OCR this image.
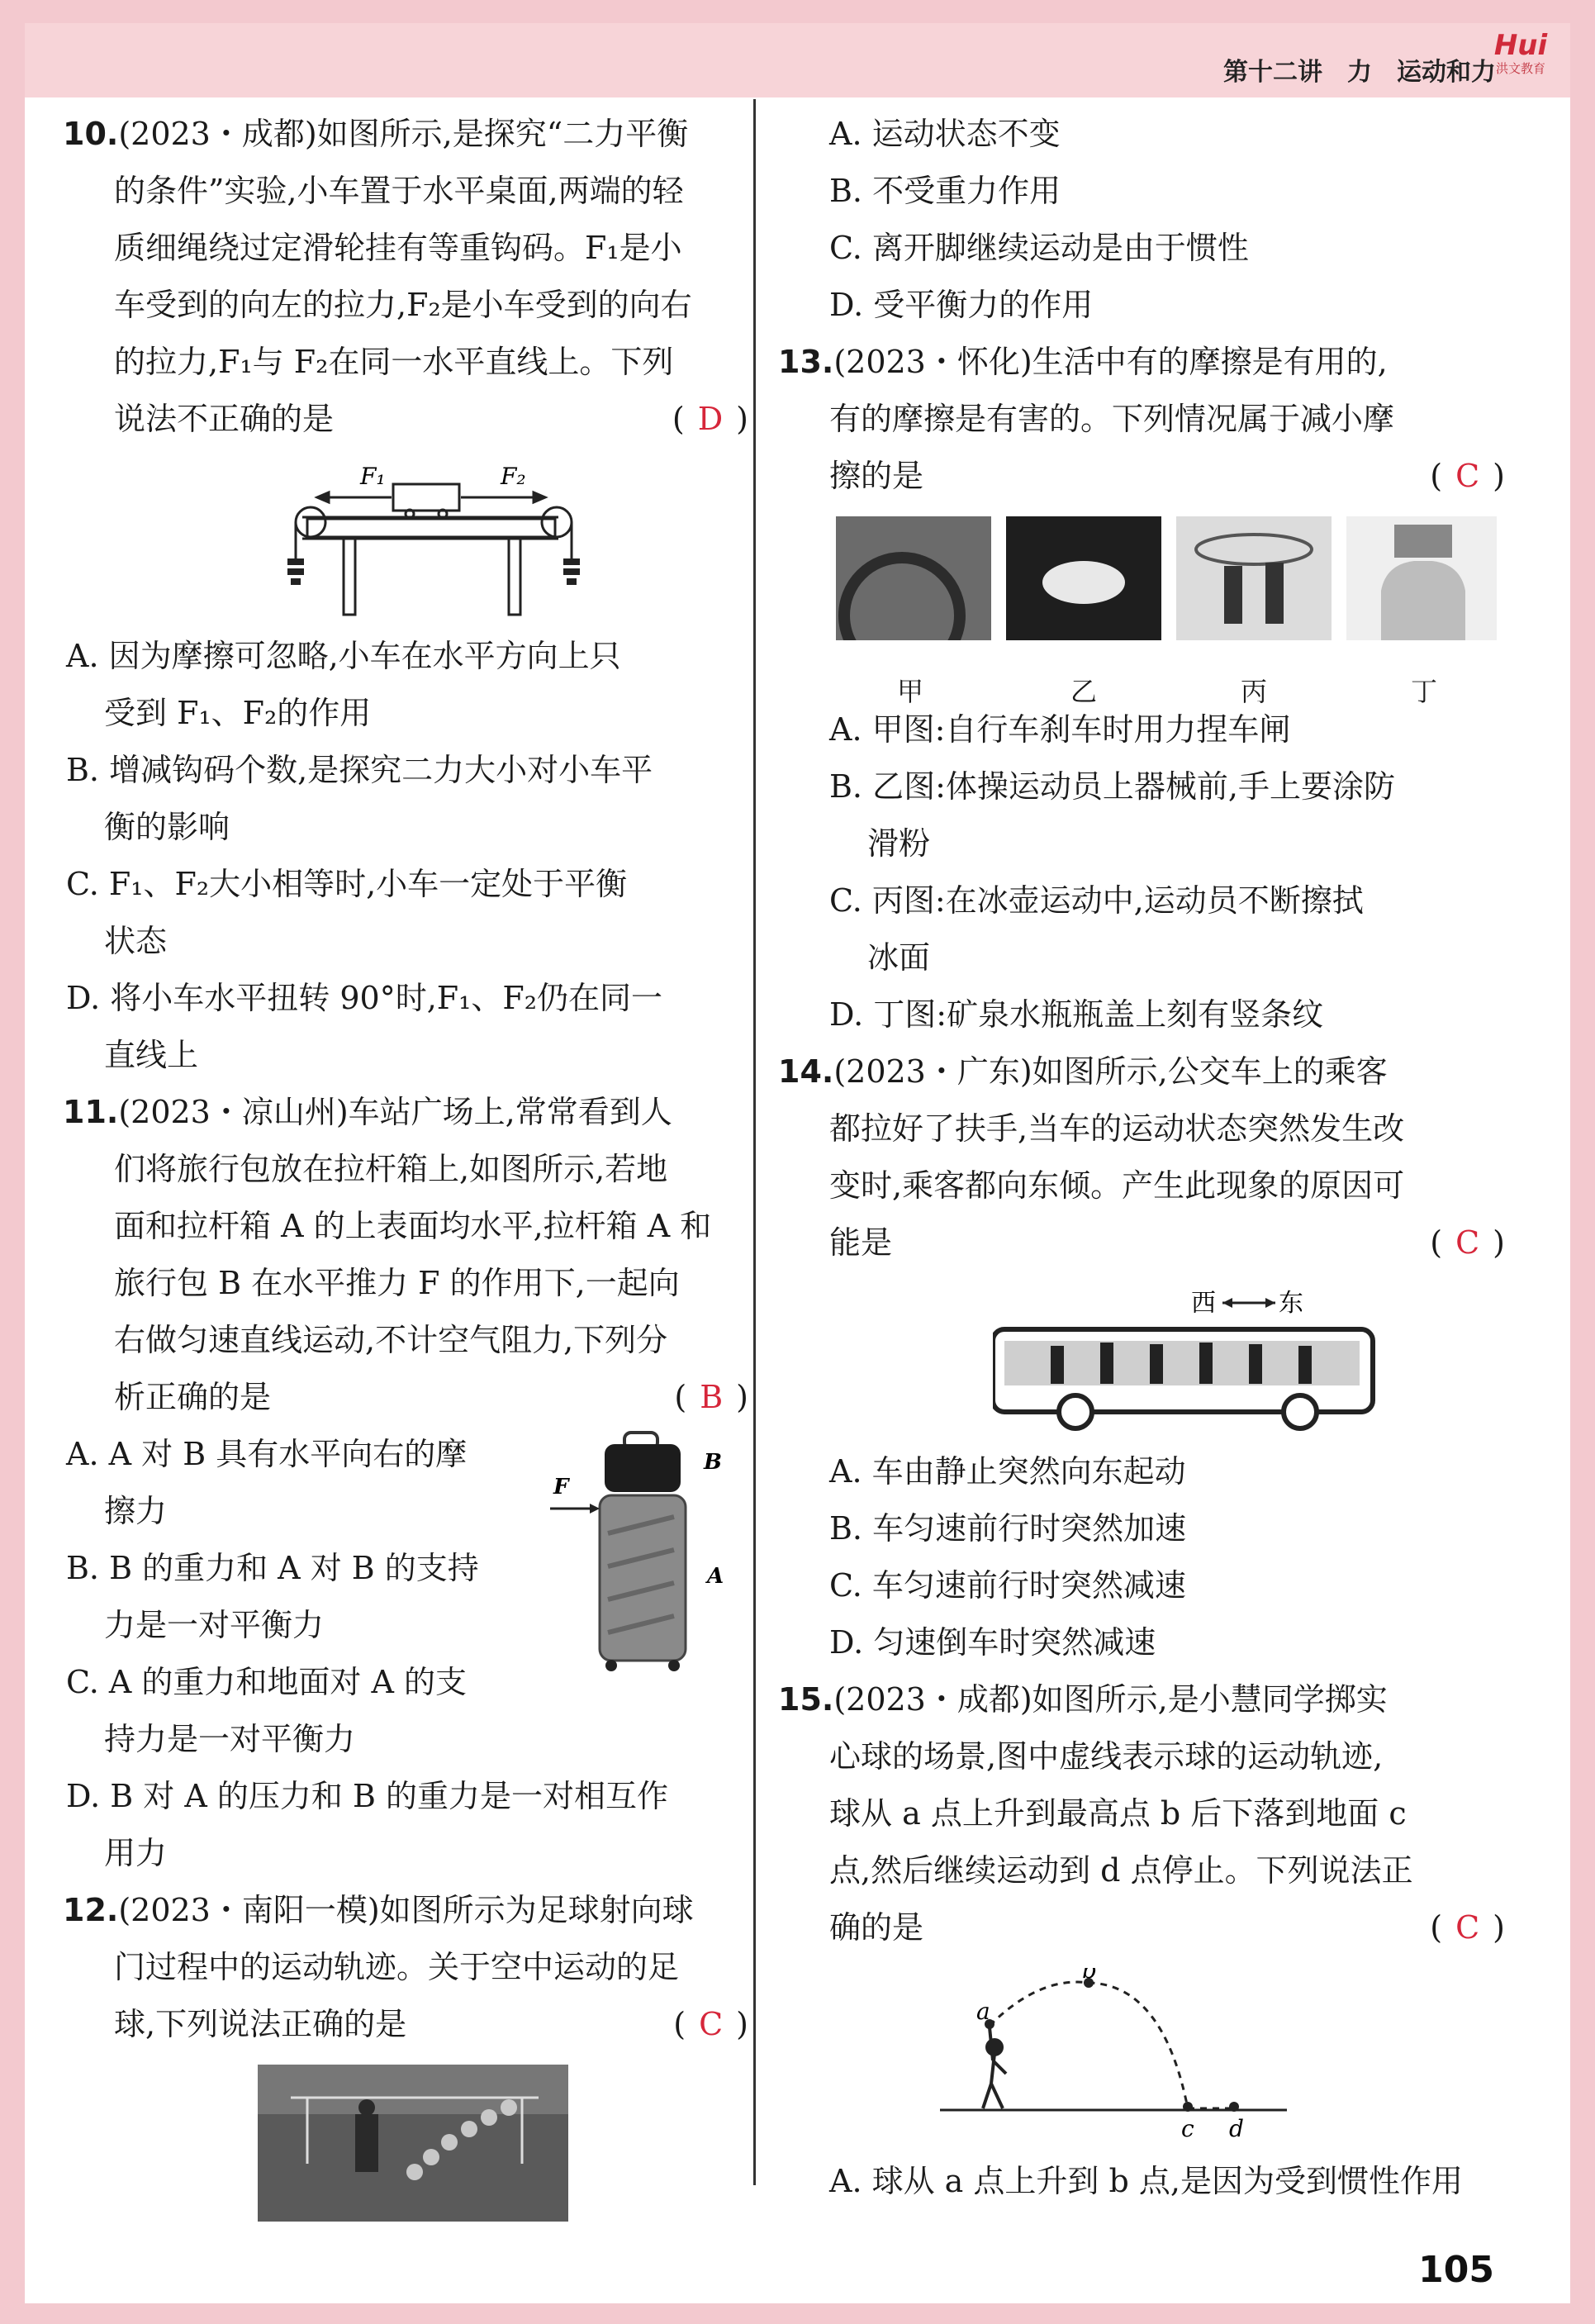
第十二讲 力 运动和力
Hui
洪文教育
10.(2023・成都)如图所示,是探究“二力平衡
的条件”实验,小车置于水平桌面,两端的轻
质细绳绕过定滑轮挂有等重钩码。F₁是小
车受到的向左的拉力,F₂是小车受到的向右
的拉力,F₁与 F₂在同一水平直线上。下列
说法不正确的是	( D )
F₁	F₂
A. 因为摩擦可忽略,小车在水平方向上只
受到 F₁、F₂的作用
B. 增减钩码个数,是探究二力大小对小车平
衡的影响
C. F₁、F₂大小相等时,小车一定处于平衡
状态
D. 将小车水平扭转 90°时,F₁、F₂仍在同一
直线上
11.(2023・凉山州)车站广场上,常常看到人
们将旅行包放在拉杆箱上,如图所示,若地
面和拉杆箱 A 的上表面均水平,拉杆箱 A 和
旅行包 B 在水平推力 F 的作用下,一起向
右做匀速直线运动,不计空气阻力,下列分
析正确的是	( B )
A. A 对 B 具有水平向右的摩
擦力
B. B 的重力和 A 对 B 的支持
力是一对平衡力
C. A 的重力和地面对 A 的支
持力是一对平衡力
D. B 对 A 的压力和 B 的重力是一对相互作
用力
F
B
A
12.(2023・南阳一模)如图所示为足球射向球
门过程中的运动轨迹。关于空中运动的足
球,下列说法正确的是	( C )
A. 运动状态不变
B. 不受重力作用
C. 离开脚继续运动是由于惯性
D. 受平衡力的作用
13.(2023・怀化)生活中有的摩擦是有用的,
有的摩擦是有害的。下列情况属于减小摩
擦的是	( C )
甲	乙	丙	丁
A. 甲图:自行车刹车时用力捏车闸
B. 乙图:体操运动员上器械前,手上要涂防
滑粉
C. 丙图:在冰壶运动中,运动员不断擦拭
冰面
D. 丁图:矿泉水瓶瓶盖上刻有竖条纹
14.(2023・广东)如图所示,公交车上的乘客
都拉好了扶手,当车的运动状态突然发生改
变时,乘客都向东倾。产生此现象的原因可
能是	( C )
西	东
A. 车由静止突然向东起动
B. 车匀速前行时突然加速
C. 车匀速前行时突然减速
D. 匀速倒车时突然减速
15.(2023・成都)如图所示,是小慧同学掷实
心球的场景,图中虚线表示球的运动轨迹,
球从 a 点上升到最高点 b 后下落到地面 c
点,然后继续运动到 d 点停止。下列说法正
确的是	( C )
a
b
c d
A. 球从 a 点上升到 b 点,是因为受到惯性作用
105
